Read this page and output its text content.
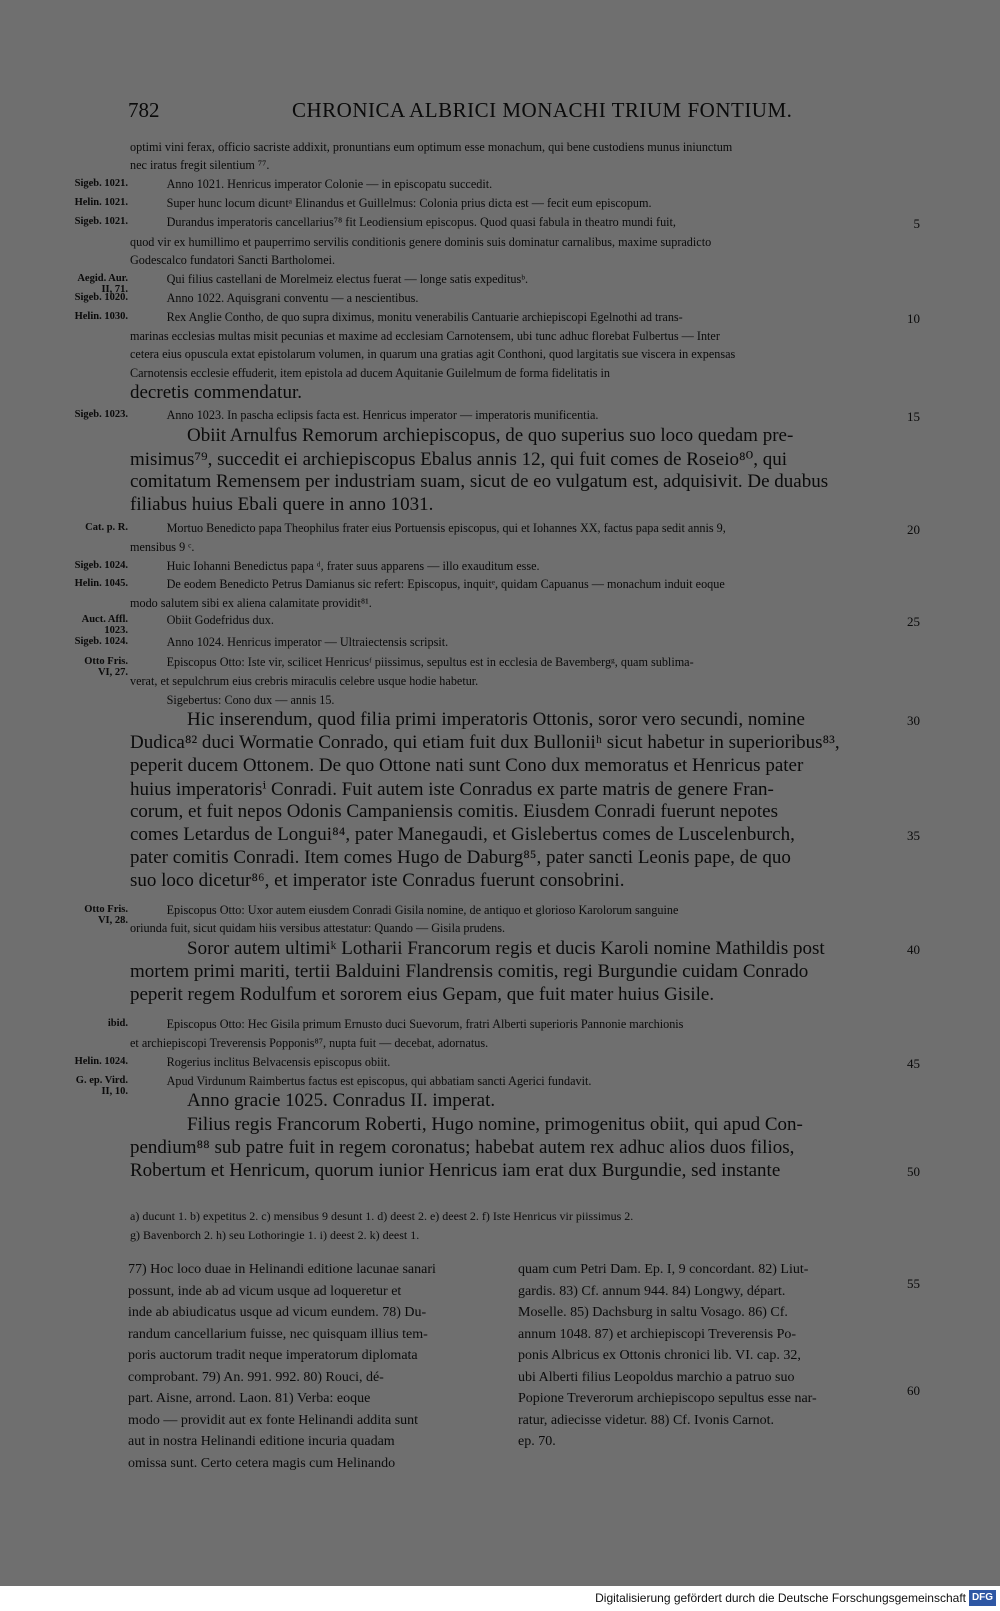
782	CHRONICA ALBRICI MONACHI TRIUM FONTIUM.
optimi vini ferax, officio sacriste addixit, pronuntians eum optimum esse monachum, qui bene custodiens munus iniunctum
nec iratus fregit silentium ⁷⁷.
Sigeb. 1021.    Anno 1021. Henricus imperator Colonie — in episcopatu succedit.
Helin. 1021.    Super hunc locum dicuntᵃ Elinandus et Guillelmus: Colonia prius dicta est — fecit eum episcopum.
Sigeb. 1021.    Durandus imperatoris cancellarius⁷⁸ fit Leodiensium episcopus. Quod quasi fabula in theatro mundi fuit,	5
quod vir ex humillimo et pauperrimo servilis conditionis genere dominis suis dominatur carnalibus, maxime supradicto
Godescalco fundatori Sancti Bartholomei.
Aegid. Aur.    Qui filius castellani de Morelmeiz electus fuerat — longe satis expeditusᵇ.
II, 71.
Sigeb. 1020.    Anno 1022. Aquisgrani conventu — a nescientibus.
Helin. 1030.    Rex Anglie Contho, de quo supra diximus, monitu venerabilis Cantuarie archiepiscopi Egelnothi ad trans-	10
marinas ecclesias multas misit pecunias et maxime ad ecclesiam Carnotensem, ubi tunc adhuc florebat Fulbertus — Inter
cetera eius opuscula extat epistolarum volumen, in quarum una gratias agit Conthoni, quod largitatis sue viscera in expensas
Carnotensis ecclesie effuderit, item epistola ad ducem Aquitanie Guilelmum de forma fidelitatis in
decretis commendatur.
Sigeb. 1023.    Anno 1023. In pascha eclipsis facta est. Henricus imperator — imperatoris munificentia.	15
   Obiit Arnulfus Remorum archiepiscopus, de quo superius suo loco quedam pre-
misimus⁷⁹, succedit ei archiepiscopus Ebalus annis 12, qui fuit comes de Roseio⁸⁰, qui
comitatum Remensem per industriam suam, sicut de eo vulgatum est, adquisivit. De duabus
filiabus huius Ebali quere in anno 1031.
Cat. p. R.    Mortuo Benedicto papa Theophilus frater eius Portuensis episcopus, qui et Iohannes XX, factus papa sedit annis 9,	20
mensibus 9 ᶜ.
Sigeb. 1024.    Huic Iohanni Benedictus papa ᵈ, frater suus apparens — illo exauditum esse.
Helin. 1045.    De eodem Benedicto Petrus Damianus sic refert: Episcopus, inquitᵉ, quidam Capuanus — monachum induit eoque
modo salutem sibi ex aliena calamitate providit⁸¹.
Auct. Affl.    Obiit Godefridus dux.	25
1023.
Sigeb. 1024.    Anno 1024. Henricus imperator — Ultraiectensis scripsit.
Otto Fris.    Episcopus Otto: Iste vir, scilicet Henricusᶠ piissimus, sepultus est in ecclesia de Bavembergᵍ, quam sublima-
VI, 27.
verat, et sepulchrum eius crebris miraculis celebre usque hodie habetur.
   Sigebertus: Cono dux — annis 15.
   Hic inserendum, quod filia primi imperatoris Ottonis, soror vero secundi, nomine	30
Dudica⁸² duci Wormatie Conrado, qui etiam fuit dux Bulloniiʰ sicut habetur in superioribus⁸³,
peperit ducem Ottonem. De quo Ottone nati sunt Cono dux memoratus et Henricus pater
huius imperatorisⁱ Conradi. Fuit autem iste Conradus ex parte matris de genere Fran-
corum, et fuit nepos Odonis Campaniensis comitis. Eiusdem Conradi fuerunt nepotes
comes Letardus de Longui⁸⁴, pater Manegaudi, et Gislebertus comes de Luscelenburch,	35
pater comitis Conradi. Item comes Hugo de Daburg⁸⁵, pater sancti Leonis pape, de quo
suo loco dicetur⁸⁶, et imperator iste Conradus fuerunt consobrini.
Otto Fris.    Episcopus Otto: Uxor autem eiusdem Conradi Gisila nomine, de antiquo et glorioso Karolorum sanguine
VI, 28.
oriunda fuit, sicut quidam hiis versibus attestatur: Quando — Gisila prudens.
   Soror autem ultimiᵏ Lotharii Francorum regis et ducis Karoli nomine Mathildis post	40
mortem primi mariti, tertii Balduini Flandrensis comitis, regi Burgundie cuidam Conrado
peperit regem Rodulfum et sororem eius Gepam, que fuit mater huius Gisile.
ibid.    Episcopus Otto: Hec Gisila primum Ernusto duci Suevorum, fratri Alberti superioris Pannonie marchionis
et archiepiscopi Treverensis Popponis⁸⁷, nupta fuit — decebat, adornatus.
Helin. 1024.    Rogerius inclitus Belvacensis episcopus obiit.	45
G. ep. Vird.    Apud Virdunum Raimbertus factus est episcopus, qui abbatiam sancti Agerici fundavit.
II, 10.    Anno gracie 1025. Conradus II. imperat.
   Filius regis Francorum Roberti, Hugo nomine, primogenitus obiit, qui apud Con-
pendium⁸⁸ sub patre fuit in regem coronatus; habebat autem rex adhuc alios duos filios,
Robertum et Henricum, quorum iunior Henricus iam erat dux Burgundie, sed instante	50
a) ducunt 1. b) expetitus 2. c) mensibus 9 desunt 1. d) deest 2. e) deest 2. f) Iste Henricus vir piissimus 2.
g) Bavenborch 2. h) seu Lothoringie 1. i) deest 2. k) deest 1.
77) Hoc loco duae in Helinandi editione lacunae sanari
possunt, inde ab ad vicum usque ad loqueretur et
inde ab abiudicatus usque ad vicum eundem. 78) Du-
randum cancellarium fuisse, nec quisquam illius tem-
poris auctorum tradit neque imperatorum diplomata
comprobant. 79) An. 991. 992. 80) Rouci, dé-
part. Aisne, arrond. Laon. 81) Verba: eoque
modo — providit aut ex fonte Helinandi addita sunt
aut in nostra Helinandi editione incuria quadam
omissa sunt. Certo cetera magis cum Helinando
quam cum Petri Dam. Ep. I, 9 concordant. 82) Liut-
gardis. 83) Cf. annum 944. 84) Longwy, départ.
Moselle. 85) Dachsburg in saltu Vosago. 86) Cf.
annum 1048. 87) et archiepiscopi Treverensis Po-
ponis Albricus ex Ottonis chronici lib. VI. cap. 32,
ubi Alberti filius Leopoldus marchio a patruo suo
Popione Treverorum archiepiscopo sepultus esse nar-
ratur, adiecisse videtur. 88) Cf. Ivonis Carnot.
ep. 70.
55
60
Digitalisierung gefördert durch die Deutsche Forschungsgemeinschaft DFG
